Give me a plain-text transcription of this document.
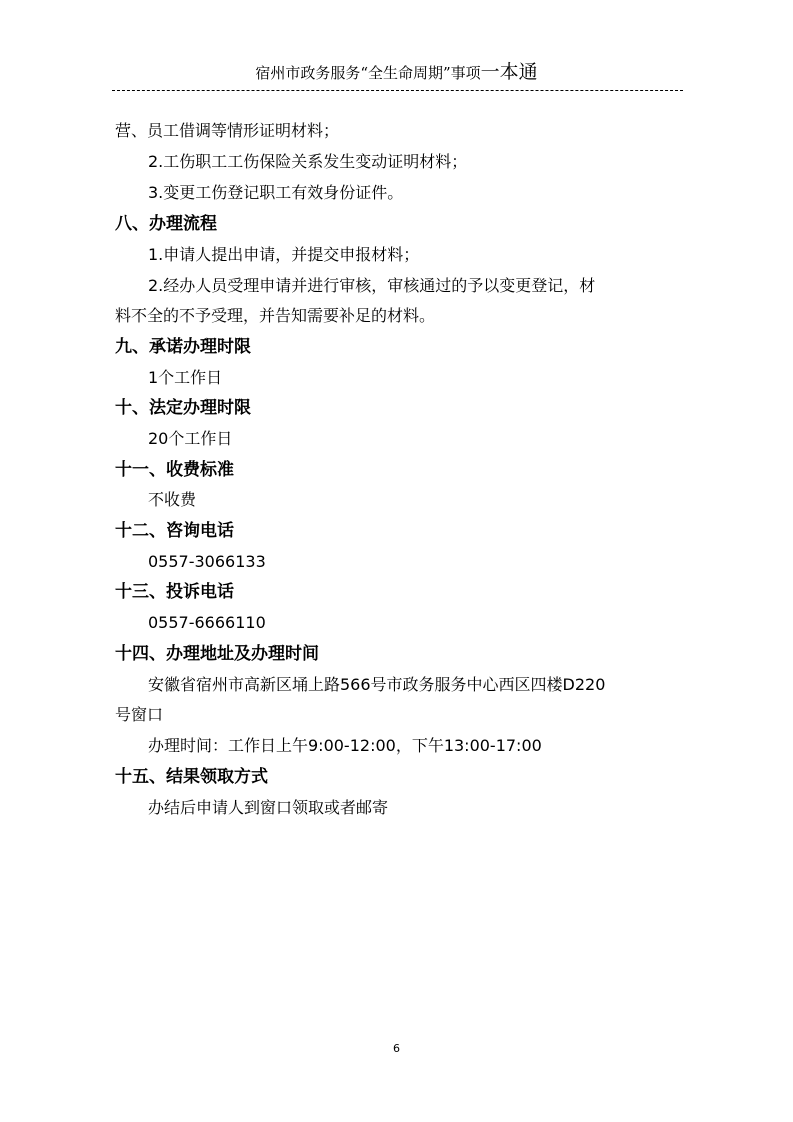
宿州市政务服务“全生命周期”事项一本通
营、员工借调等情形证明材料；
2.工伤职工工伤保险关系发生变动证明材料；
3.变更工伤登记职工有效身份证件。
八、办理流程
1.申请人提出申请，并提交申报材料；
2.经办人员受理申请并进行审核，审核通过的予以变更登记，材
料不全的不予受理，并告知需要补足的材料。
九、承诺办理时限
1个工作日
十、法定办理时限
20个工作日
十一、收费标准
不收费
十二、咨询电话
0557-3066133
十三、投诉电话
0557-6666110
十四、办理地址及办理时间
安徽省宿州市高新区埇上路566号市政务服务中心西区四楼D220
号窗口
办理时间：工作日上午9:00-12:00，下午13:00-17:00
十五、结果领取方式
办结后申请人到窗口领取或者邮寄
6
